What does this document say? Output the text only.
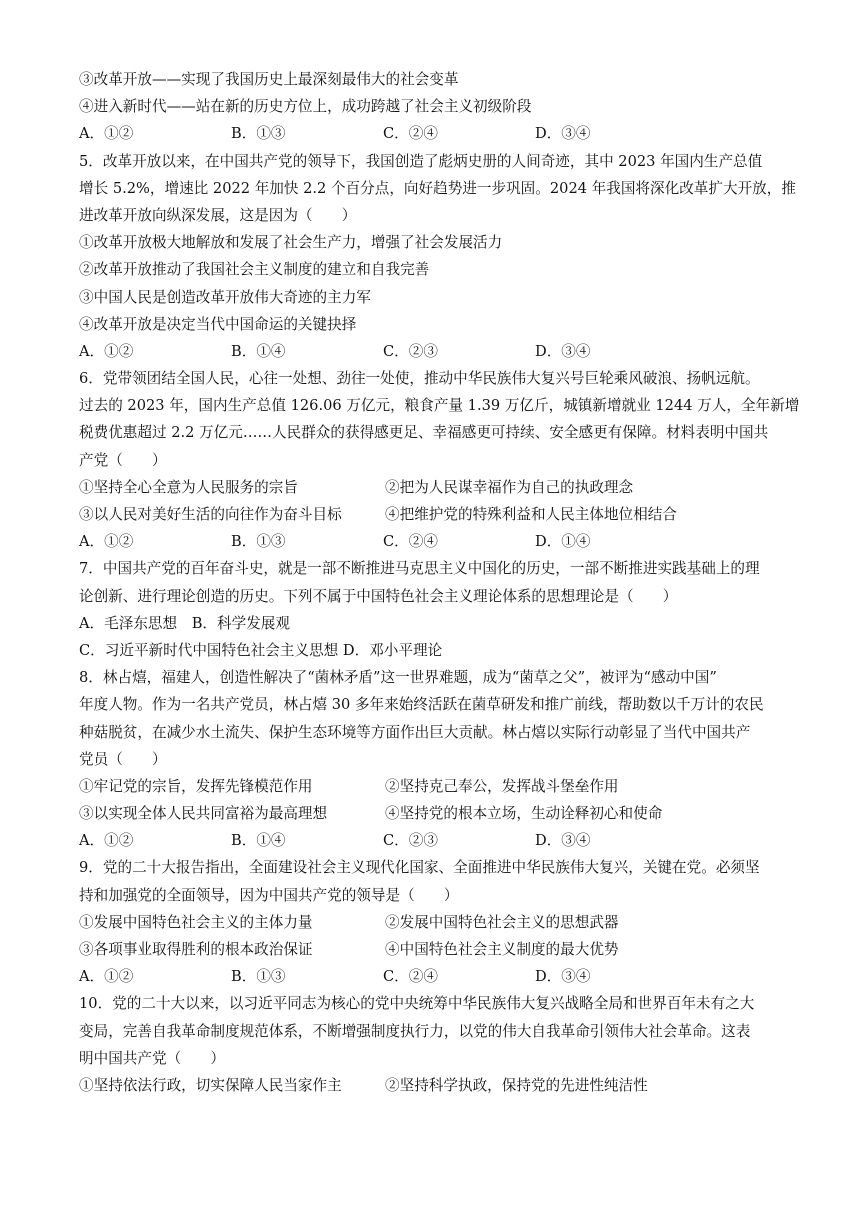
③改革开放——实现了我国历史上最深刻最伟大的社会变革
④进入新时代——站在新的历史方位上，成功跨越了社会主义初级阶段
A．①②	B．①③	C．②④	D．③④
5．改革开放以来，在中国共产党的领导下，我国创造了彪炳史册的人间奇迹，其中 2023 年国内生产总值
增长 5.2%，增速比 2022 年加快 2.2 个百分点，向好趋势进一步巩固。2024 年我国将深化改革扩大开放，推
进改革开放向纵深发展，这是因为（　　）
①改革开放极大地解放和发展了社会生产力，增强了社会发展活力
②改革开放推动了我国社会主义制度的建立和自我完善
③中国人民是创造改革开放伟大奇迹的主力军
④改革开放是决定当代中国命运的关键抉择
A．①②	B．①④	C．②③	D．③④
6．党带领团结全国人民，心往一处想、劲往一处使，推动中华民族伟大复兴号巨轮乘风破浪、扬帆远航。
过去的 2023 年，国内生产总值 126.06 万亿元，粮食产量 1.39 万亿斤，城镇新增就业 1244 万人，全年新增
税费优惠超过 2.2 万亿元……人民群众的获得感更足、幸福感更可持续、安全感更有保障。材料表明中国共
产党（　　）
①坚持全心全意为人民服务的宗旨	②把为人民谋幸福作为自己的执政理念
③以人民对美好生活的向往作为奋斗目标	④把维护党的特殊利益和人民主体地位相结合
A．①②	B．①③	C．②④	D．①④
7．中国共产党的百年奋斗史，就是一部不断推进马克思主义中国化的历史，一部不断推进实践基础上的理
论创新、进行理论创造的历史。下列不属于中国特色社会主义理论体系的思想理论是（　　）
A．毛泽东思想　B．科学发展观
C．习近平新时代中国特色社会主义思想 D．邓小平理论
8．林占熺，福建人，创造性解决了“菌林矛盾”这一世界难题，成为“菌草之父”，被评为“感动中国”
年度人物。作为一名共产党员，林占熺 30 多年来始终活跃在菌草研发和推广前线，帮助数以千万计的农民
种菇脱贫，在减少水土流失、保护生态环境等方面作出巨大贡献。林占熺以实际行动彰显了当代中国共产
党员（　　）
①牢记党的宗旨，发挥先锋模范作用	②坚持克己奉公，发挥战斗堡垒作用
③以实现全体人民共同富裕为最高理想	④坚持党的根本立场，生动诠释初心和使命
A．①②	B．①④	C．②③	D．③④
9．党的二十大报告指出，全面建设社会主义现代化国家、全面推进中华民族伟大复兴，关键在党。必须坚
持和加强党的全面领导，因为中国共产党的领导是（　　）
①发展中国特色社会主义的主体力量	②发展中国特色社会主义的思想武器
③各项事业取得胜利的根本政治保证	④中国特色社会主义制度的最大优势
A．①②	B．①③	C．②④	D．③④
10．党的二十大以来，以习近平同志为核心的党中央统筹中华民族伟大复兴战略全局和世界百年未有之大
变局，完善自我革命制度规范体系，不断增强制度执行力，以党的伟大自我革命引领伟大社会革命。这表
明中国共产党（　　）
①坚持依法行政，切实保障人民当家作主	②坚持科学执政，保持党的先进性纯洁性
